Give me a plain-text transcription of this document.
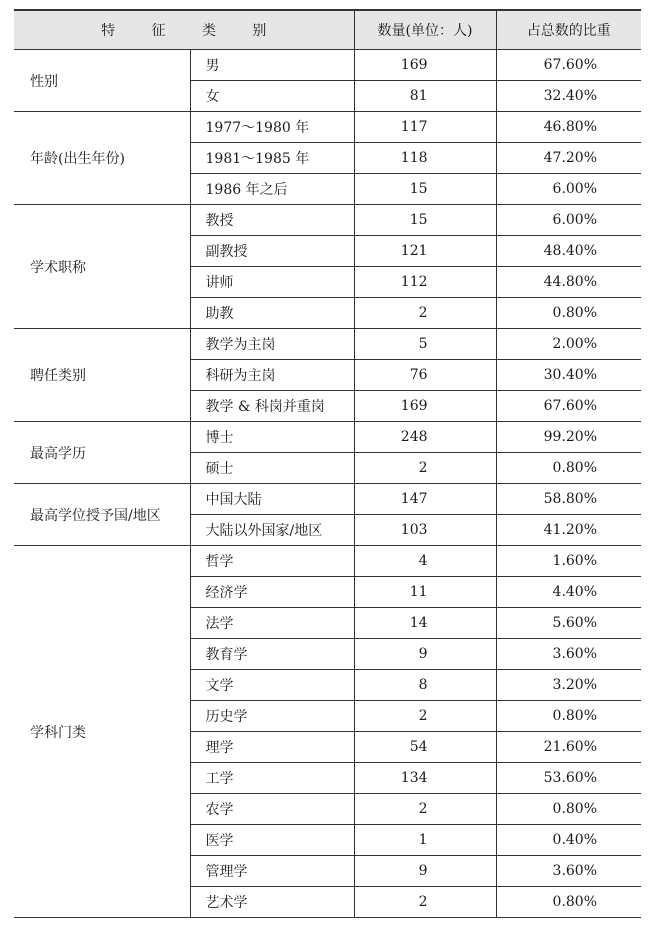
特 征 类 别		数量(单位：人)	占总数的比重
性别	男	169	67.60%
	女	81	32.40%
年龄(出生年份)	1977～1980 年	117	46.80%
	1981～1985 年	118	47.20%
	1986 年之后	15	6.00%
学术职称	教授	15	6.00%
	副教授	121	48.40%
	讲师	112	44.80%
	助教	2	0.80%
聘任类别	教学为主岗	5	2.00%
	科研为主岗	76	30.40%
	教学 & 科岗并重岗	169	67.60%
最高学历	博士	248	99.20%
	硕士	2	0.80%
最高学位授予国/地区	中国大陆	147	58.80%
	大陆以外国家/地区	103	41.20%
学科门类	哲学	4	1.60%
	经济学	11	4.40%
	法学	14	5.60%
	教育学	9	3.60%
	文学	8	3.20%
	历史学	2	0.80%
	理学	54	21.60%
	工学	134	53.60%
	农学	2	0.80%
	医学	1	0.40%
	管理学	9	3.60%
	艺术学	2	0.80%
